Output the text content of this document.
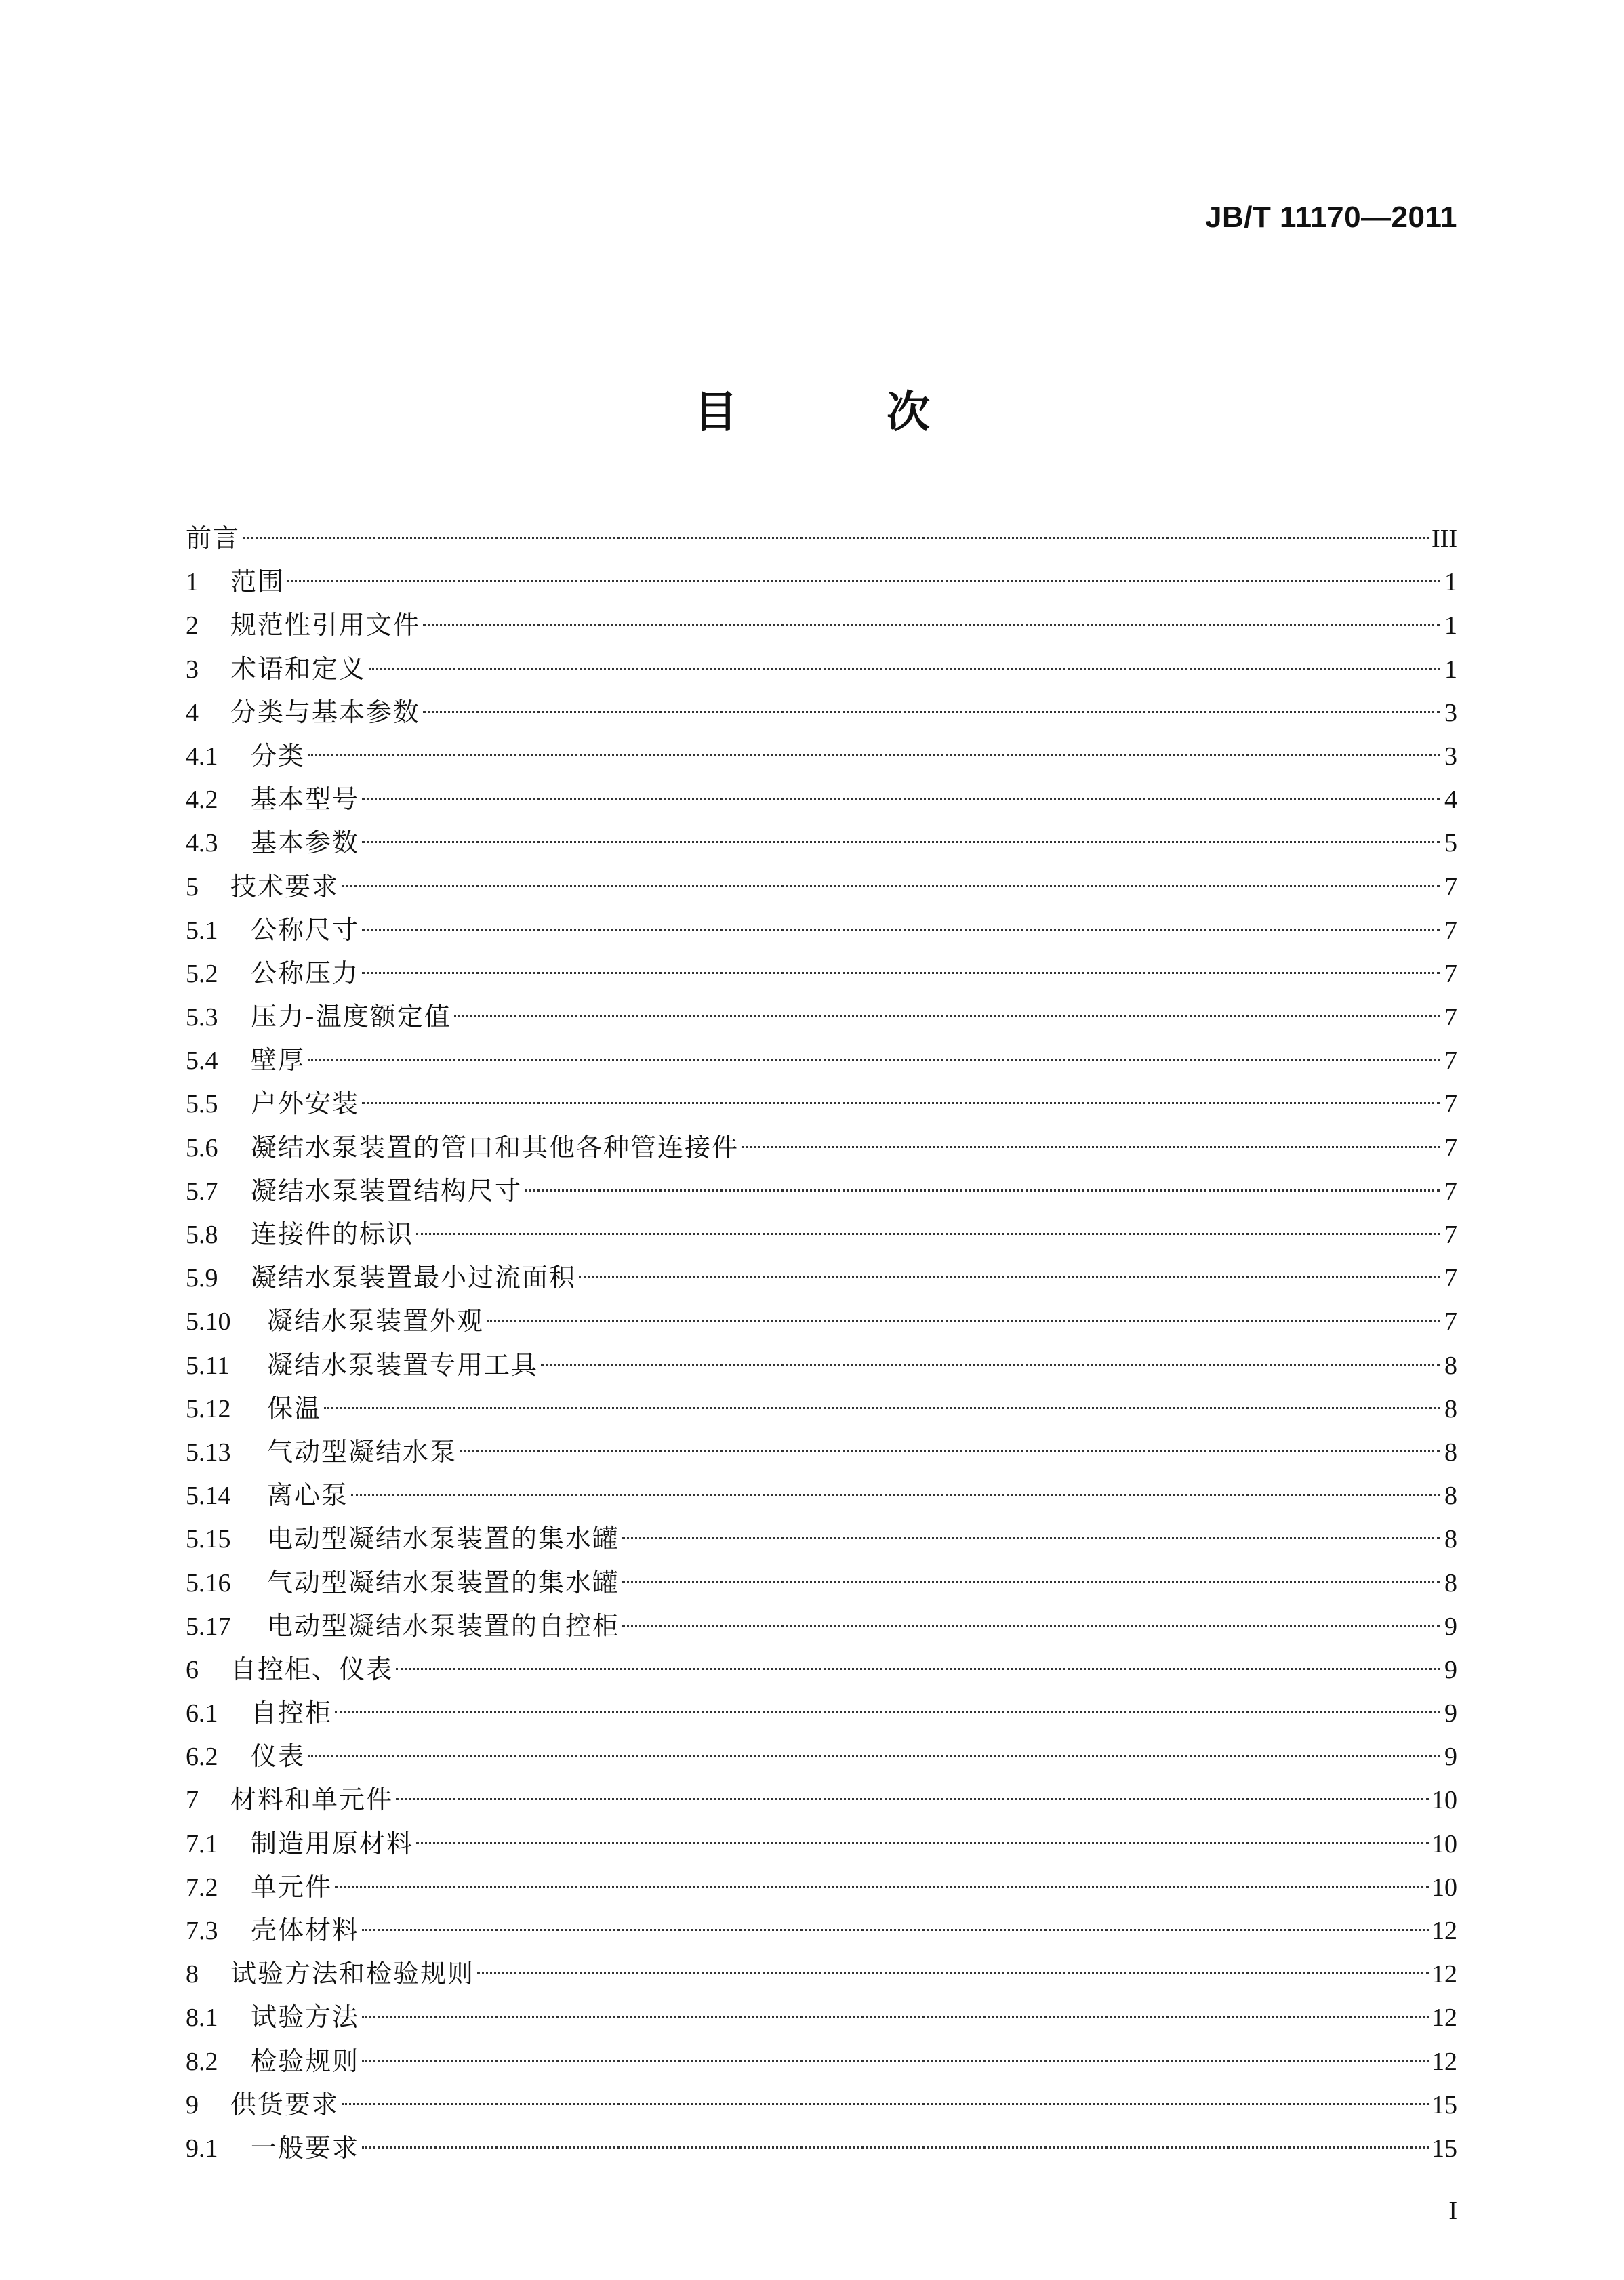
JB/T 11170—2011
目	次
前言	III
1	范围	1
2	规范性引用文件	1
3	术语和定义	1
4	分类与基本参数	3
4.1	分类	3
4.2	基本型号	4
4.3	基本参数	5
5	技术要求	7
5.1	公称尺寸	7
5.2	公称压力	7
5.3	压力-温度额定值	7
5.4	壁厚	7
5.5	户外安装	7
5.6	凝结水泵装置的管口和其他各种管连接件	7
5.7	凝结水泵装置结构尺寸	7
5.8	连接件的标识	7
5.9	凝结水泵装置最小过流面积	7
5.10	凝结水泵装置外观	7
5.11	凝结水泵装置专用工具	8
5.12	保温	8
5.13	气动型凝结水泵	8
5.14	离心泵	8
5.15	电动型凝结水泵装置的集水罐	8
5.16	气动型凝结水泵装置的集水罐	8
5.17	电动型凝结水泵装置的自控柜	9
6	自控柜、仪表	9
6.1	自控柜	9
6.2	仪表	9
7	材料和单元件	10
7.1	制造用原材料	10
7.2	单元件	10
7.3	壳体材料	12
8	试验方法和检验规则	12
8.1	试验方法	12
8.2	检验规则	12
9	供货要求	15
9.1	一般要求	15
I
